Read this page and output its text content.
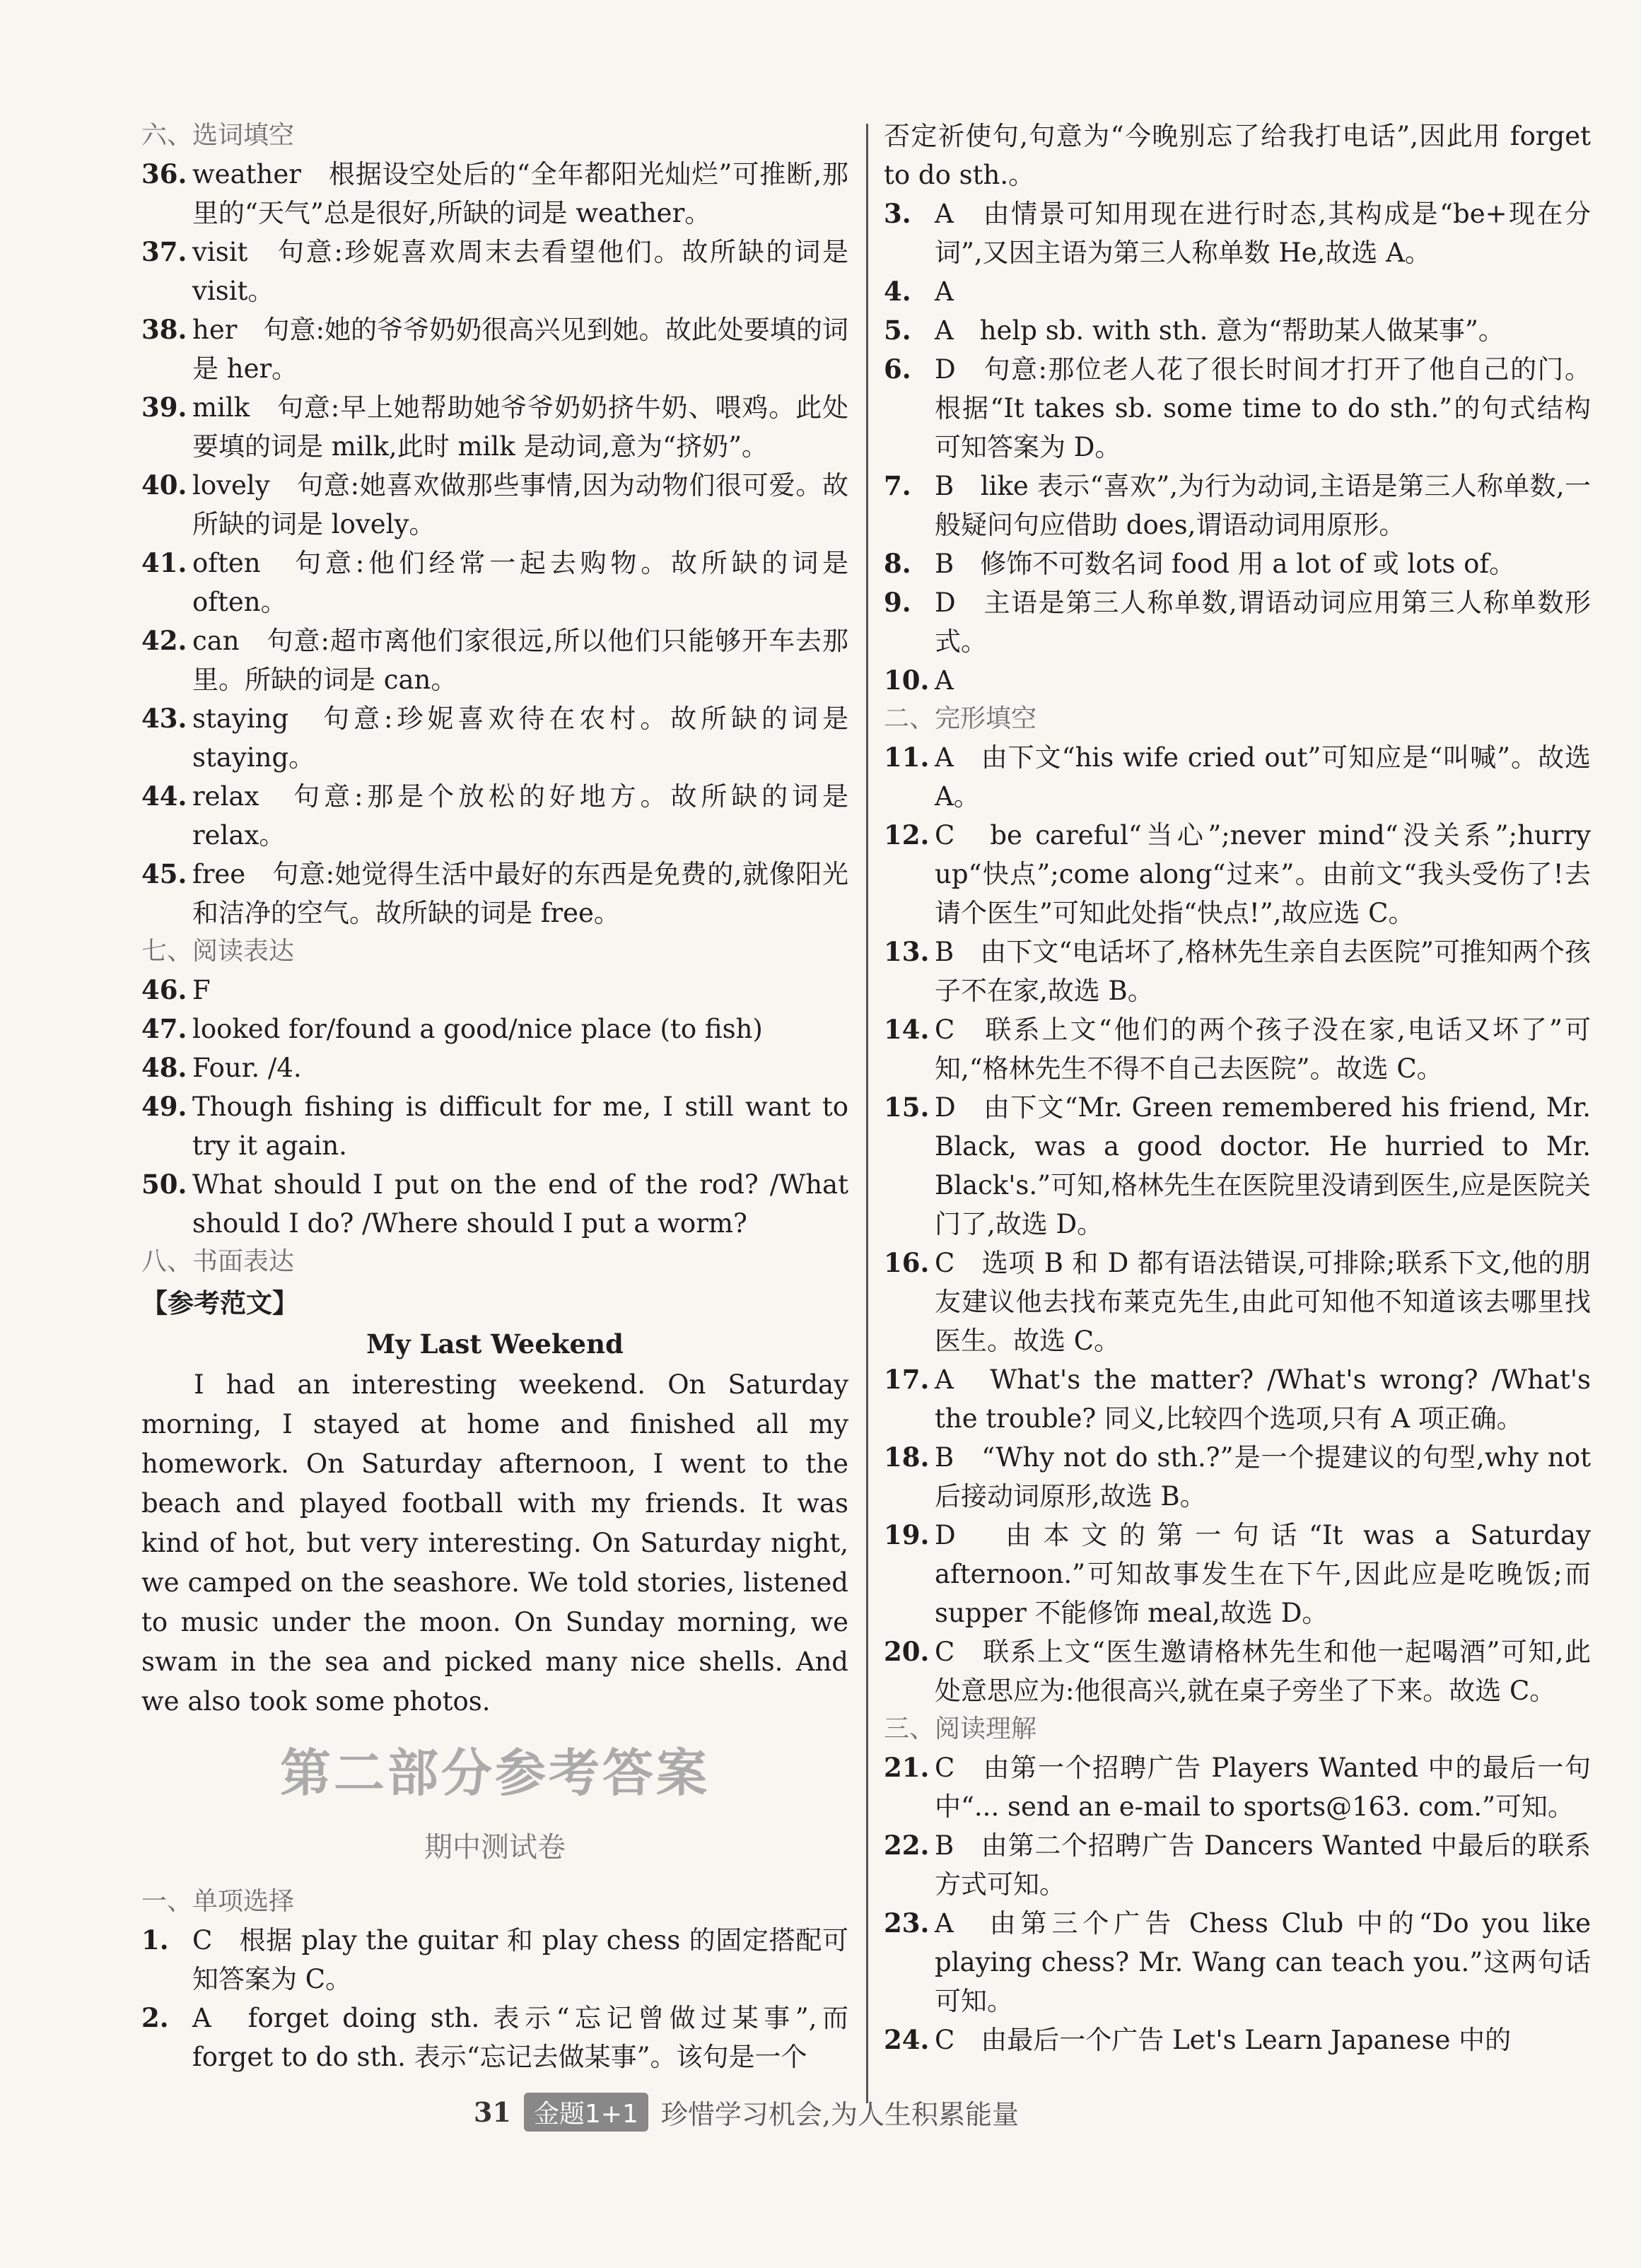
六、选词填空
36. weather　根据设空处后的“全年都阳光灿烂”可推断,那里的“天气”总是很好,所缺的词是 weather。
37. visit　句意:珍妮喜欢周末去看望他们。故所缺的词是 visit。
38. her　句意:她的爷爷奶奶很高兴见到她。故此处要填的词是 her。
39. milk　句意:早上她帮助她爷爷奶奶挤牛奶、喂鸡。此处要填的词是 milk,此时 milk 是动词,意为“挤奶”。
40. lovely　句意:她喜欢做那些事情,因为动物们很可爱。故所缺的词是 lovely。
41. often　句意:他们经常一起去购物。故所缺的词是 often。
42. can　句意:超市离他们家很远,所以他们只能够开车去那里。所缺的词是 can。
43. staying　句意:珍妮喜欢待在农村。故所缺的词是 staying。
44. relax　句意:那是个放松的好地方。故所缺的词是 relax。
45. free　句意:她觉得生活中最好的东西是免费的,就像阳光和洁净的空气。故所缺的词是 free。
七、阅读表达
46. F
47. looked for/found a good/nice place (to fish)
48. Four. /4.
49. Though fishing is difficult for me, I still want to try it again.
50. What should I put on the end of the rod? /What should I do? /Where should I put a worm?
八、书面表达
【参考范文】
My Last Weekend
I had an interesting weekend. On Saturday morning, I stayed at home and finished all my homework. On Saturday afternoon, I went to the beach and played football with my friends. It was kind of hot, but very interesting. On Saturday night, we camped on the seashore. We told stories, listened to music under the moon. On Sunday morning, we swam in the sea and picked many nice shells. And we also took some photos.
第二部分参考答案
期中测试卷
一、单项选择
1. C　根据 play the guitar 和 play chess 的固定搭配可知答案为 C。
2. A　forget doing sth. 表示“忘记曾做过某事”,而 forget to do sth. 表示“忘记去做某事”。该句是一个
否定祈使句,句意为“今晚别忘了给我打电话”,因此用 forget to do sth.。
3. A　由情景可知用现在进行时态,其构成是“be+现在分词”,又因主语为第三人称单数 He,故选 A。
4. A
5. A　help sb. with sth. 意为“帮助某人做某事”。
6. D　句意:那位老人花了很长时间才打开了他自己的门。根据“It takes sb. some time to do sth.”的句式结构可知答案为 D。
7. B　like 表示“喜欢”,为行为动词,主语是第三人称单数,一般疑问句应借助 does,谓语动词用原形。
8. B　修饰不可数名词 food 用 a lot of 或 lots of。
9. D　主语是第三人称单数,谓语动词应用第三人称单数形式。
10. A
二、完形填空
11. A　由下文“his wife cried out”可知应是“叫喊”。故选 A。
12. C　be careful“当心”;never mind“没关系”;hurry up“快点”;come along“过来”。由前文“我头受伤了!去请个医生”可知此处指“快点!”,故应选 C。
13. B　由下文“电话坏了,格林先生亲自去医院”可推知两个孩子不在家,故选 B。
14. C　联系上文“他们的两个孩子没在家,电话又坏了”可知,“格林先生不得不自己去医院”。故选 C。
15. D　由下文“Mr. Green remembered his friend, Mr. Black, was a good doctor. He hurried to Mr. Black's.”可知,格林先生在医院里没请到医生,应是医院关门了,故选 D。
16. C　选项 B 和 D 都有语法错误,可排除;联系下文,他的朋友建议他去找布莱克先生,由此可知他不知道该去哪里找医生。故选 C。
17. A　What's the matter? /What's wrong? /What's the trouble? 同义,比较四个选项,只有 A 项正确。
18. B　“Why not do sth.?”是一个提建议的句型,why not 后接动词原形,故选 B。
19. D　由本文的第一句话“It was a Saturday afternoon.”可知故事发生在下午,因此应是吃晚饭;而 supper 不能修饰 meal,故选 D。
20. C　联系上文“医生邀请格林先生和他一起喝酒”可知,此处意思应为:他很高兴,就在桌子旁坐了下来。故选 C。
三、阅读理解
21. C　由第一个招聘广告 Players Wanted 中的最后一句中“... send an e-mail to sports@163. com.”可知。
22. B　由第二个招聘广告 Dancers Wanted 中最后的联系方式可知。
23. A　由第三个广告 Chess Club 中的“Do you like playing chess? Mr. Wang can teach you.”这两句话可知。
24. C　由最后一个广告 Let's Learn Japanese 中的
31 金题1+1 珍惜学习机会,为人生积累能量
